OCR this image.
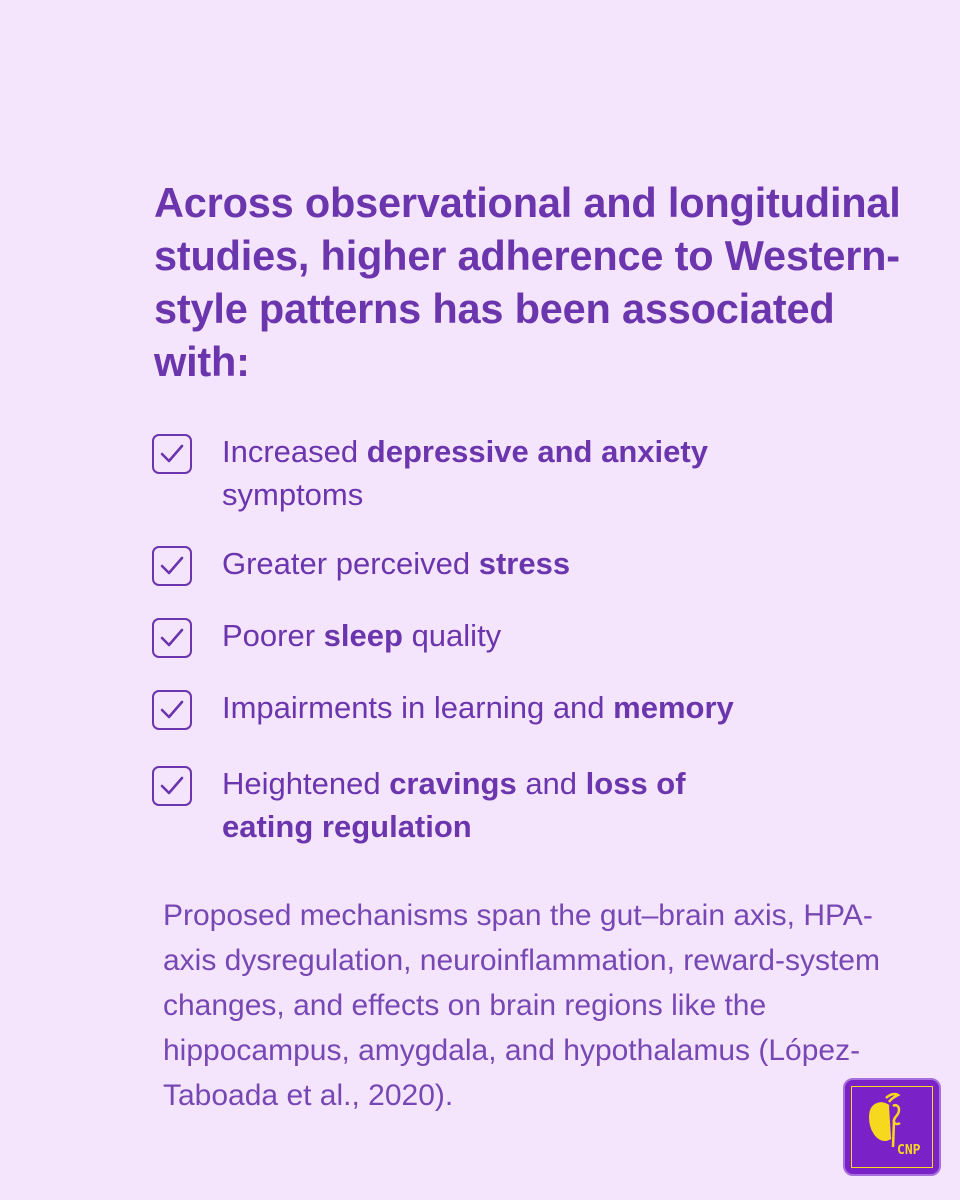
Across observational and longitudinal studies, higher adherence to Western-style patterns has been associated with:
Increased depressive and anxiety symptoms
Greater perceived stress
Poorer sleep quality
Impairments in learning and memory
Heightened cravings and loss of eating regulation

Proposed mechanisms span the gut–brain axis, HPA-axis dysregulation, neuroinflammation, reward-system changes, and effects on brain regions like the hippocampus, amygdala, and hypothalamus (López-Taboada et al., 2020).

CNP
